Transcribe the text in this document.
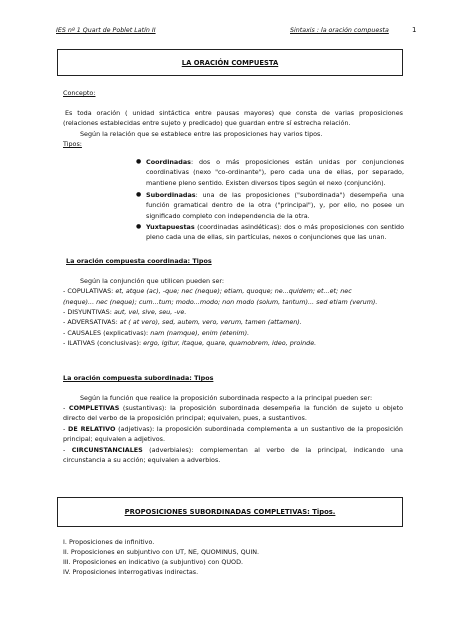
IES nº 1 Quart de Poblet Latín II	Sintaxis : la oración compuesta	1
LA ORACIÓN COMPUESTA
Concepto:
Es toda oración ( unidad sintáctica entre pausas mayores) que consta de varias proposiciones (relaciones establecidas entre sujeto y predicado) que guardan entre sí estrecha relación.
Según la relación que se establece entre las proposiciones hay varios tipos.
Tipos:
● Coordinadas: dos o más proposiciones están unidas por conjunciones coordinativas (nexo "co-ordinante"), pero cada una de ellas, por separado, mantiene pleno sentido. Existen diversos tipos según el nexo (conjunción).
● Subordinadas: una de las proposiciones ("subordinada") desempeña una función gramatical dentro de la otra ("principal"), y, por ello, no posee un significado completo con independencia de la otra.
● Yuxtapuestas (coordinadas asindéticas): dos o más proposiciones con sentido pleno cada una de ellas, sin partículas, nexos o conjunciones que las unan.
La oración compuesta coordinada: Tipos
Según la conjunción que utilicen pueden ser:
- COPULATIVAS: et, atque (ac), -que; nec (neque); etiam, quoque; ne...quidem; et...et; nec
(neque)... nec (neque); cum...tum; modo...modo; non modo (solum, tantum)... sed etiam (verum).
- DISYUNTIVAS: aut, vel, sive, seu, -ve.
- ADVERSATIVAS: at ( at vero), sed, autem, vero, verum, tamen (attamen).
- CAUSALES (explicativas): nam (namque), enim (etenim).
- ILATIVAS (conclusivas): ergo, igitur, itaque, quare, quamobrem, ideo, proinde.
La oración compuesta subordinada: Tipos
Según la función que realice la proposición subordinada respecto a la principal pueden ser:
- COMPLETIVAS (sustantivas): la proposición subordinada desempeña la función de sujeto u objeto directo del verbo de la proposición principal; equivalen, pues, a sustantivos.
- DE RELATIVO (adjetivas): la proposición subordinada complementa a un sustantivo de la proposición principal; equivalen a adjetivos.
- CIRCUNSTANCIALES (adverbiales): complementan al verbo de la principal, indicando una circunstancia a su acción; equivalen a adverbios.
PROPOSICIONES SUBORDINADAS COMPLETIVAS: Tipos.
I. Proposiciones de infinitivo.
II. Proposiciones en subjuntivo con UT, NE, QUOMINUS, QUIN.
III. Proposiciones en indicativo (a subjuntivo) con QUOD.
IV. Proposiciones interrogativas indirectas.
